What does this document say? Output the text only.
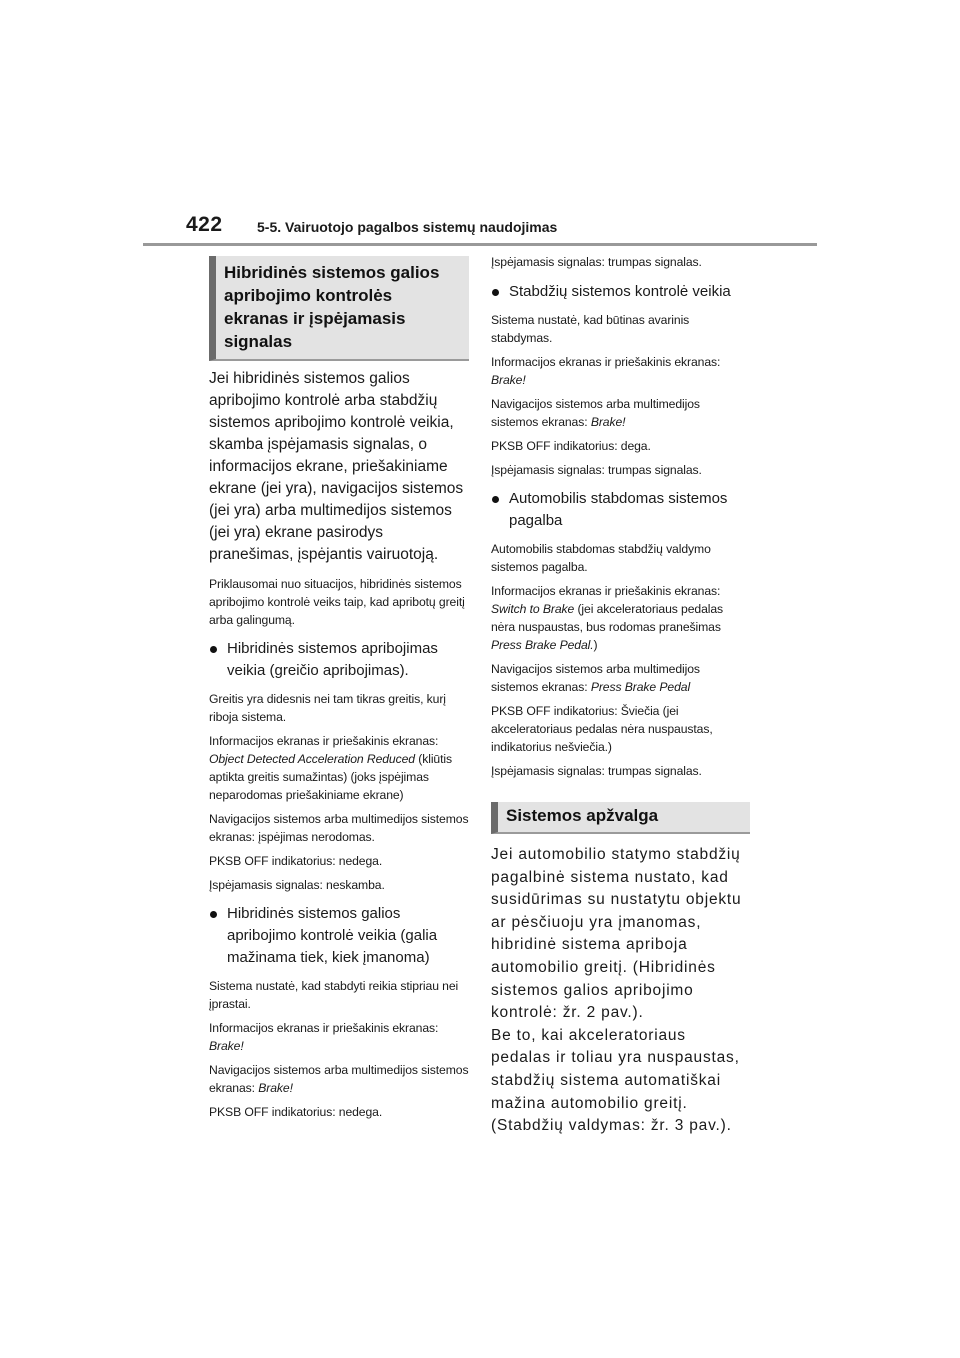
422 5-5. Vairuotojo pagalbos sistemų naudojimas
Hibridinės sistemos galios apribojimo kontrolės ekranas ir įspėjamasis signalas

Jei hibridinės sistemos galios apribojimo kontrolė arba stabdžių sistemos apribojimo kontrolė veikia, skamba įspėjamasis signalas, o informacijos ekrane, priešakiniame ekrane (jei yra), navigacijos sistemos (jei yra) arba multimedijos sistemos (jei yra) ekrane pasirodys pranešimas, įspėjantis vairuotoją.

Priklausomai nuo situacijos, hibridinės sistemos apribojimo kontrolė veiks taip, kad apribotų greitį arba galingumą.

Hibridinės sistemos apribojimas veikia (greičio apribojimas).

Greitis yra didesnis nei tam tikras greitis, kurį riboja sistema.

Informacijos ekranas ir priešakinis ekranas: Object Detected Acceleration Reduced (kliūtis aptikta greitis sumažintas) (joks įspėjimas neparodomas priešakiniame ekrane)

Navigacijos sistemos arba multimedijos sistemos ekranas: įspėjimas nerodomas.

PKSB OFF indikatorius: nedega.

Įspėjamasis signalas: neskamba.

Hibridinės sistemos galios apribojimo kontrolė veikia (galia mažinama tiek, kiek įmanoma)

Sistema nustatė, kad stabdyti reikia stipriau nei įprastai.

Informacijos ekranas ir priešakinis ekranas: Brake!

Navigacijos sistemos arba multimedijos sistemos ekranas: Brake!

PKSB OFF indikatorius: nedega.

Įspėjamasis signalas: trumpas signalas.

Stabdžių sistemos kontrolė veikia

Sistema nustatė, kad būtinas avarinis stabdymas.

Informacijos ekranas ir priešakinis ekranas: Brake!

Navigacijos sistemos arba multimedijos sistemos ekranas: Brake!

PKSB OFF indikatorius: dega.

Įspėjamasis signalas: trumpas signalas.

Automobilis stabdomas sistemos pagalba

Automobilis stabdomas stabdžių valdymo sistemos pagalba.

Informacijos ekranas ir priešakinis ekranas: Switch to Brake (jei akceleratoriaus pedalas nėra nuspaustas, bus rodomas pranešimas Press Brake Pedal.)

Navigacijos sistemos arba multimedijos sistemos ekranas: Press Brake Pedal

PKSB OFF indikatorius: Šviečia (jei akceleratoriaus pedalas nėra nuspaustas, indikatorius nešviečia.)

Įspėjamasis signalas: trumpas signalas.

Sistemos apžvalga

Jei automobilio statymo stabdžių pagalbinė sistema nustato, kad susidūrimas su nustatytu objektu ar pėsčiuoju yra įmanomas, hibridinė sistema apriboja automobilio greitį. (Hibridinės sistemos galios apribojimo kontrolė: žr. 2 pav.).
Be to, kai akceleratoriaus pedalas ir toliau yra nuspaustas, stabdžių sistema automatiškai mažina automobilio greitį. (Stabdžių valdymas: žr. 3 pav.).
